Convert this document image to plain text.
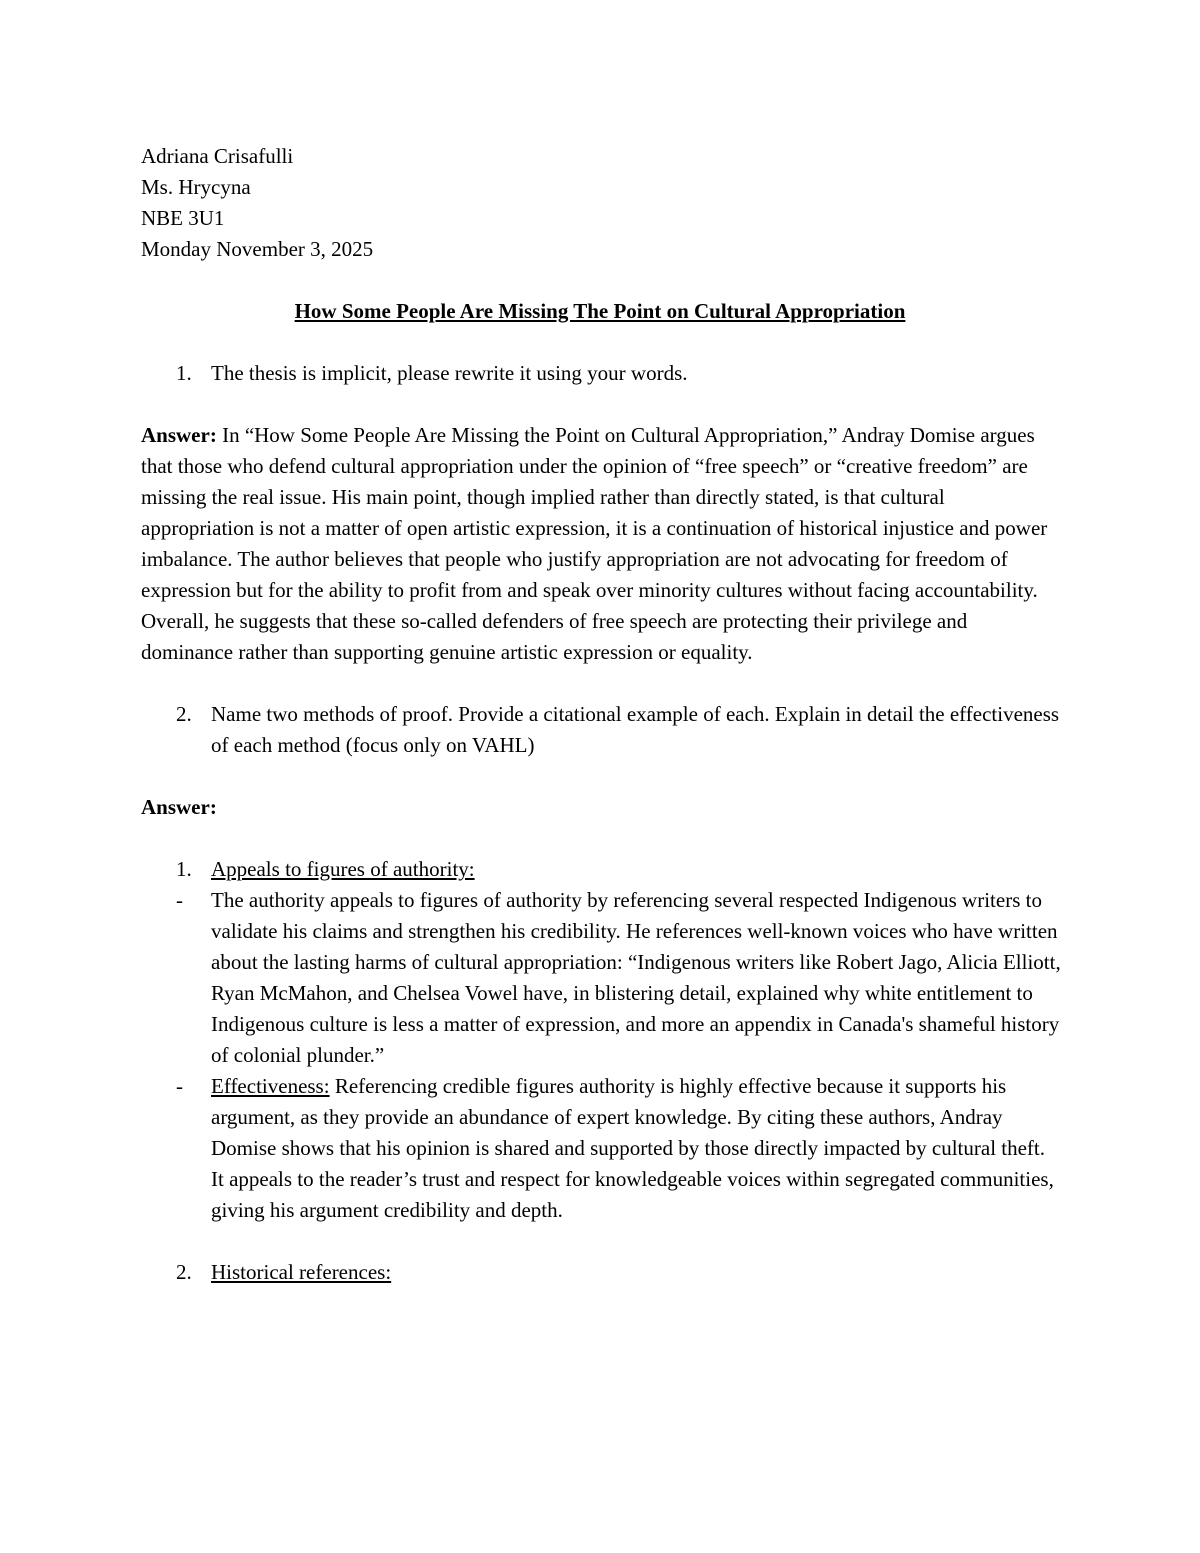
Adriana Crisafulli

Ms. Hrycyna

NBE 3U1

Monday November 3, 2025

How Some People Are Missing The Point on Cultural Appropriation

1. The thesis is implicit, please rewrite it using your words.

Answer: In “How Some People Are Missing the Point on Cultural Appropriation,” Andray Domise argues that those who defend cultural appropriation under the opinion of “free speech” or “creative freedom” are missing the real issue. His main point, though implied rather than directly stated, is that cultural appropriation is not a matter of open artistic expression, it is a continuation of historical injustice and power imbalance. The author believes that people who justify appropriation are not advocating for freedom of expression but for the ability to profit from and speak over minority cultures without facing accountability. Overall, he suggests that these so-called defenders of free speech are protecting their privilege and dominance rather than supporting genuine artistic expression or equality.

2. Name two methods of proof. Provide a citational example of each. Explain in detail the effectiveness of each method (focus only on VAHL)

Answer:

1. Appeals to figures of authority:
-	The authority appeals to figures of authority by referencing several respected Indigenous writers to validate his claims and strengthen his credibility. He references well-known voices who have written about the lasting harms of cultural appropriation: “Indigenous writers like Robert Jago, Alicia Elliott, Ryan McMahon, and Chelsea Vowel have, in blistering detail, explained why white entitlement to Indigenous culture is less a matter of expression, and more an appendix in Canada's shameful history of colonial plunder.”
-	Effectiveness: Referencing credible figures authority is highly effective because it supports his argument, as they provide an abundance of expert knowledge. By citing these authors, Andray Domise shows that his opinion is shared and supported by those directly impacted by cultural theft. It appeals to the reader’s trust and respect for knowledgeable voices within segregated communities, giving his argument credibility and depth.
2. Historical references:
